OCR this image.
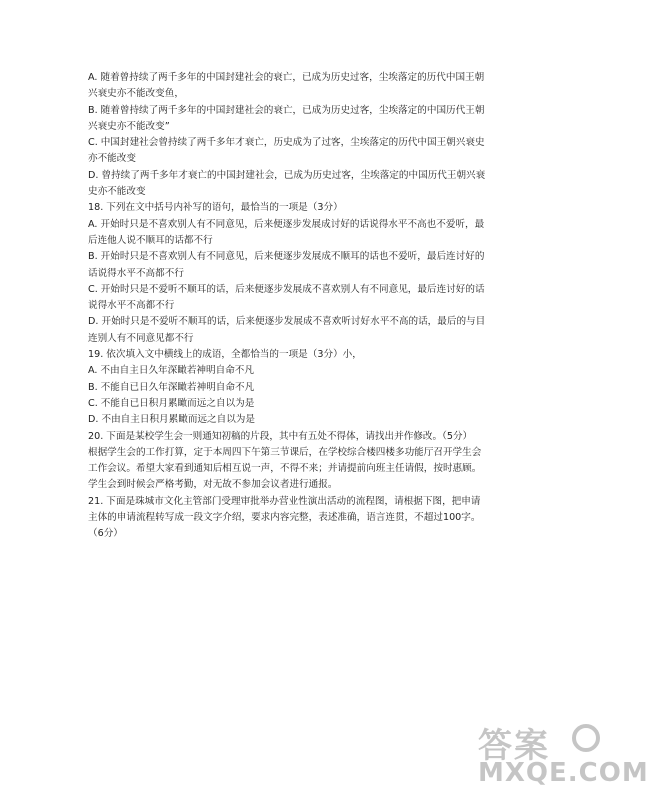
A. 随着曾持续了两千多年的中国封建社会的衰亡，已成为历史过客，尘埃落定的历代中国王朝
兴衰史亦不能改变鱼，
B. 随着曾持续了两千多年的中国封建社会的衰亡，已成为历史过客，尘埃落定的中国历代王朝
兴衰史亦不能改变”
C. 中国封建社会曾持续了两千多年才衰亡，历史成为了过客，尘埃落定的历代中国王朝兴衰史
亦不能改变
D. 曾持续了两千多年才衰亡的中国封建社会，已成为历史过客，尘埃落定的中国历代王朝兴衰
史亦不能改变
18. 下列在文中括号内补写的语句，最恰当的一项是（3分）
A. 开始时只是不喜欢别人有不同意见，后来便逐步发展成讨好的话说得水平不高也不爱听，最
后连他人说不顺耳的话都不行
B. 开始时只是不喜欢别人有不同意见，后来便逐步发展成不顺耳的话也不爱听，最后连讨好的
话说得水平不高都不行
C. 开始时只是不爱听不顺耳的话，后来便逐步发展成不喜欢别人有不同意见，最后连讨好的话
说得水平不高都不行
D. 开始时只是不爱听不顺耳的话，后来便逐步发展成不喜欢听讨好水平不高的话，最后的与目
连别人有不同意见都不行
19. 依次填入文中横线上的成语，全都恰当的一项是（3分）小，
A. 不由自主日久年深瞰若神明自命不凡
B. 不能自已日久年深瞰若神明自命不凡
C. 不能自已日积月累瞰而远之自以为是
D. 不由自主日积月累瞰而远之自以为是
20. 下面是某校学生会一则通知初稿的片段，其中有五处不得体，请找出并作修改。（5分）
根据学生会的工作打算，定于本周四下午第三节课后，在学校综合楼四楼多功能厅召开学生会
工作会议。希望大家看到通知后相互说一声，不得不来；并请提前向班主任请假，按时惠顾。
学生会到时候会严格考勤，对无故不参加会议者进行通报。
21. 下面是珠城市文化主管部门受理审批举办营业性演出活动的流程图，请根据下图，把申请
主体的申请流程转写成一段文字介绍，要求内容完整，表述准确，语言连贯，不超过100字。
（6分）
答案
MXQE.COM
